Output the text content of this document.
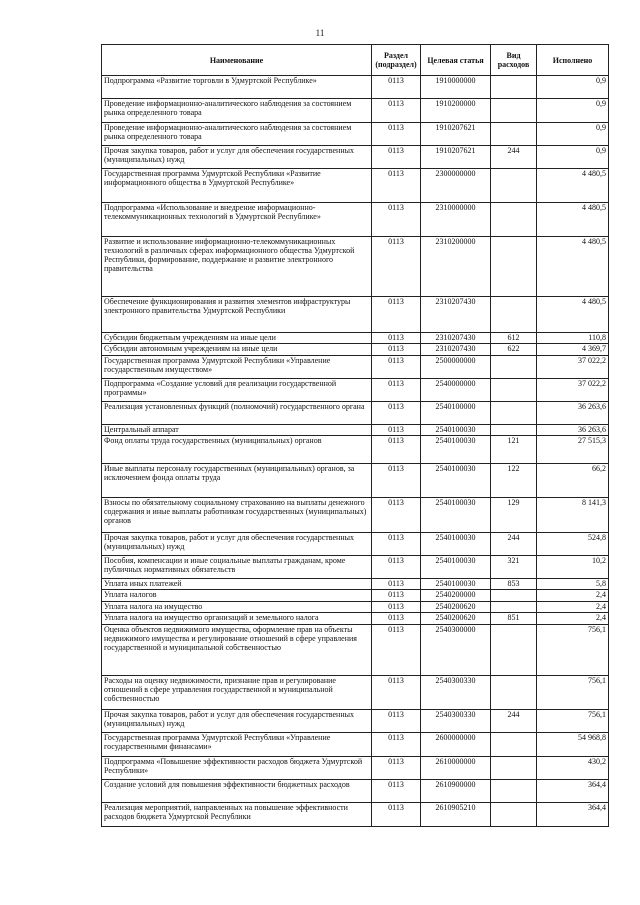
11
Наименование	Раздел (подраздел)	Целевая статья	Вид расходов	Исполнено
Подпрограмма «Развитие торговли в Удмуртской Республике»	0113	1910000000		0,9
Проведение информационно-аналитического наблюдения за состоянием рынка определенного товара	0113	1910200000		0,9
Проведение информационно-аналитического наблюдения за состоянием рынка определенного товара	0113	1910207621		0,9
Прочая закупка товаров, работ и услуг для обеспечения государственных (муниципальных) нужд	0113	1910207621	244	0,9
Государственная программа Удмуртской Республики «Развитие информационного общества в Удмуртской Республике»	0113	2300000000		4 480,5
Подпрограмма «Использование и внедрение информационно-телекоммуникационных технологий в Удмуртской Республике»	0113	2310000000		4 480,5
Развитие и использование информационно-телекоммуникационных технологий в различных сферах информационного общества Удмуртской Республики, формирование, поддержание и развитие электронного правительства	0113	2310200000		4 480,5
Обеспечение функционирования и развития элементов инфраструктуры электронного правительства Удмуртской Республики	0113	2310207430		4 480,5
Субсидии бюджетным учреждениям на иные цели	0113	2310207430	612	110,8
Субсидии автономным учреждениям на иные цели	0113	2310207430	622	4 369,7
Государственная программа Удмуртской Республики «Управление государственным имуществом»	0113	2500000000		37 022,2
Подпрограмма «Создание условий для реализации государственной программы»	0113	2540000000		37 022,2
Реализация установленных функций (полномочий) государственного органа	0113	2540100000		36 263,6
Центральный аппарат	0113	2540100030		36 263,6
Фонд оплаты труда государственных (муниципальных) органов	0113	2540100030	121	27 515,3
Иные выплаты персоналу государственных (муниципальных) органов, за исключением фонда оплаты труда	0113	2540100030	122	66,2
Взносы по обязательному социальному страхованию на выплаты денежного содержания и иные выплаты работникам государственных (муниципальных) органов	0113	2540100030	129	8 141,3
Прочая закупка товаров, работ и услуг для обеспечения государственных (муниципальных) нужд	0113	2540100030	244	524,8
Пособия, компенсации и иные социальные выплаты гражданам, кроме публичных нормативных обязательств	0113	2540100030	321	10,2
Уплата иных платежей	0113	2540100030	853	5,8
Уплата налогов	0113	2540200000		2,4
Уплата налога на имущество	0113	2540200620		2,4
Уплата налога на имущество организаций и земельного налога	0113	2540200620	851	2,4
Оценка объектов недвижимого имущества, оформление прав на объекты недвижимого имущества и регулирование отношений в сфере управления государственной и муниципальной собственностью	0113	2540300000		756,1
Расходы на оценку недвижимости, признание прав и регулирование отношений в сфере управления государственной и муниципальной собственностью	0113	2540300330		756,1
Прочая закупка товаров, работ и услуг для обеспечения государственных (муниципальных) нужд	0113	2540300330	244	756,1
Государственная программа Удмуртской Республики «Управление государственными финансами»	0113	2600000000		54 968,8
Подпрограмма «Повышение эффективности расходов бюджета Удмуртской Республики»	0113	2610000000		430,2
Создание условий для повышения эффективности бюджетных расходов	0113	2610900000		364,4
Реализация мероприятий, направленных на повышение эффективности расходов бюджета Удмуртской Республики	0113	2610905210		364,4
